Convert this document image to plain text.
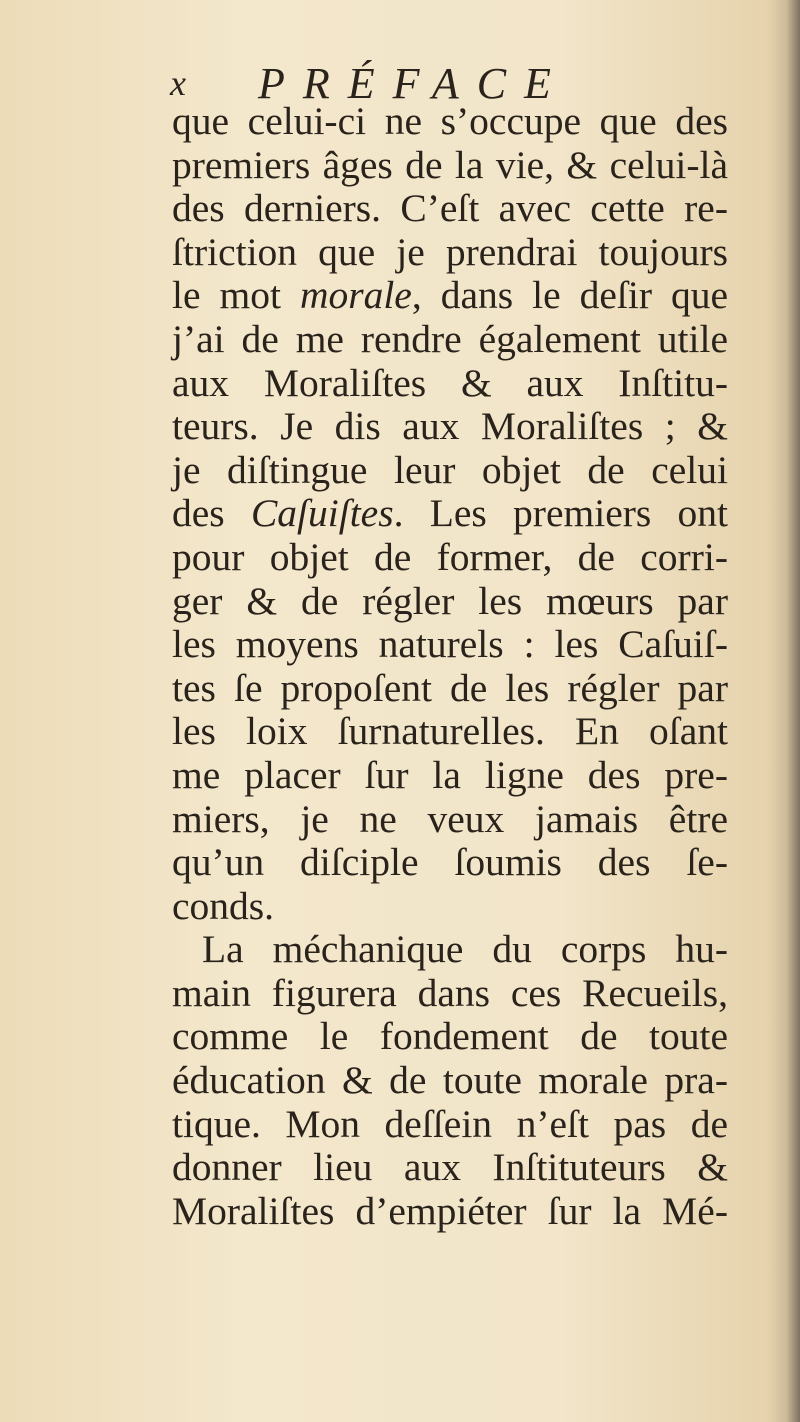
x PRÉFACE
que celui-ci ne s’occupe que des
premiers âges de la vie, & celui-là
des derniers. C’eſt avec cette re-
ſtriction que je prendrai toujours
le mot morale, dans le deſir que
j’ai de me rendre également utile
aux Moraliſtes & aux Inſtitu-
teurs. Je dis aux Moraliſtes ; &
je diſtingue leur objet de celui
des Caſuiſtes. Les premiers ont
pour objet de former, de corri-
ger & de régler les mœurs par
les moyens naturels : les Caſuiſ-
tes ſe propoſent de les régler par
les loix ſurnaturelles. En oſant
me placer ſur la ligne des pre-
miers, je ne veux jamais être
qu’un diſciple ſoumis des ſe-
conds.
La méchanique du corps hu-
main figurera dans ces Recueils,
comme le fondement de toute
éducation & de toute morale pra-
tique. Mon deſſein n’eſt pas de
donner lieu aux Inſtituteurs &
Moraliſtes d’empiéter ſur la Mé-
